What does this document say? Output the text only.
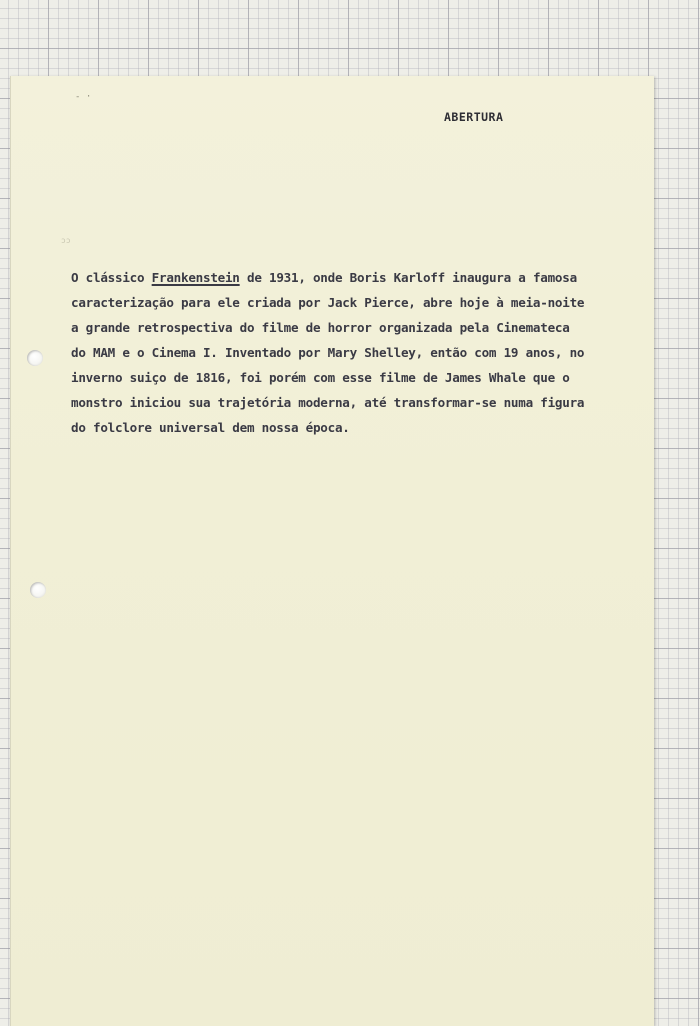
- ·
ABERTURA
ɔɔ

O clássico Frankenstein de 1931, onde Boris Karloff inaugura a famosa
caracterização para ele criada por Jack Pierce, abre hoje à meia-noite
a grande retrospectiva do filme de horror organizada pela Cinemateca
do MAM e o Cinema I. Inventado por Mary Shelley, então com 19 anos, no
inverno suiço de 1816, foi porém com esse filme de James Whale que o
monstro iniciou sua trajetória moderna, até transformar-se numa figura
do folclore universal dem nossa época.
